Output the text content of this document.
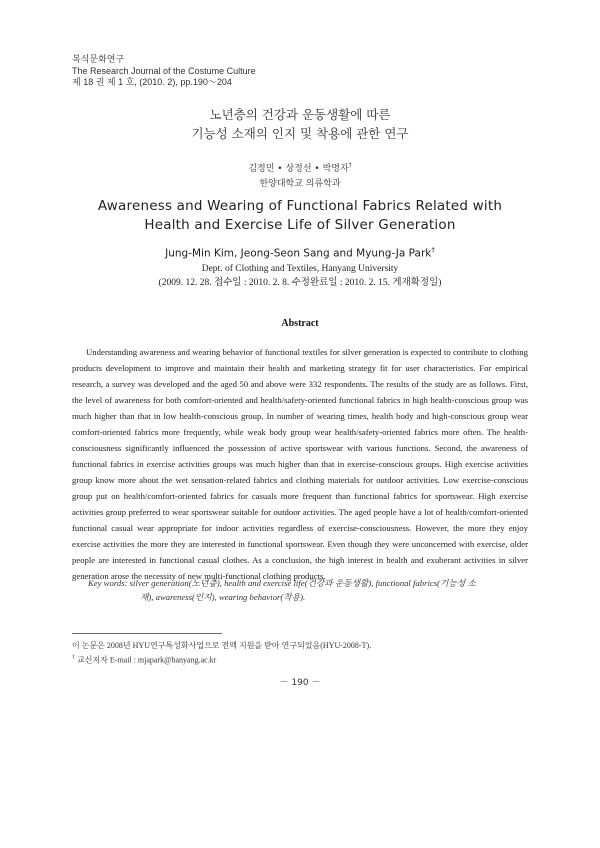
복식문화연구
The Research Journal of the Costume Culture
제 18 권 제 1 호, (2010. 2), pp.190～204
노년층의 건강과 운동생활에 따른
기능성 소재의 인지 및 착용에 관한 연구
김정민 • 상정선 • 박명자†
한양대학교 의류학과
Awareness and Wearing of Functional Fabrics Related with
Health and Exercise Life of Silver Generation
Jung-Min Kim, Jeong-Seon Sang and Myung-Ja Park†
Dept. of Clothing and Textiles, Hanyang University
(2009. 12. 28. 접수일 : 2010. 2. 8. 수정완료일 : 2010. 2. 15. 게재확정일)
Abstract

Understanding awareness and wearing behavior of functional textiles for silver generation is expected to contribute to clothing products development to improve and maintain their health and marketing strategy fit for user characteristics. For empirical research, a survey was developed and the aged 50 and above were 332 respondents. The results of the study are as follows. First, the level of awareness for both comfort-oriented and health/safety-oriented functional fabrics in high health-conscious group was much higher than that in low health-conscious group. In number of wearing times, health body and high-conscious group wear comfort-oriented fabrics more frequently, while weak body group wear health/safety-oriented fabrics more often. The health-consciousness significantly influenced the possession of active sportswear with various functions. Second, the awareness of functional fabrics in exercise activities groups was much higher than that in exercise-conscious groups. High exercise activities group know more about the wet sensation-related fabrics and clothing materials for outdoor activities. Low exercise-conscious group put on health/comfort-oriented fabrics for casuals more frequent than functional fabrics for sportswear. High exercise activities group preferred to wear sportswear suitable for outdoor activities. The aged people have a lot of health/comfort-oriented functional casual wear appropriate for indoor activities regardless of exercise-consciousness. However, the more they enjoy exercise activities the more they are interested in functional sportswear. Even though they were unconcerned with exercise, older people are interested in functional casual clothes. As a conclusion, the high interest in health and exuberant activities in silver generation arose the necessity of new multi-functional clothing products.

Key words: silver generation(노년층), health and exercise life(건강과 운동생활), functional fabrics(기능성 소
재), awareness(인지), wearing behavior(착용).

이 논문은 2008년 HYU연구특성화사업으로 전액 지원을 받아 연구되었음(HYU-2008-T).
† 교신저자 E-mail : mjapark@hanyang.ac.kr
－ 190 －
